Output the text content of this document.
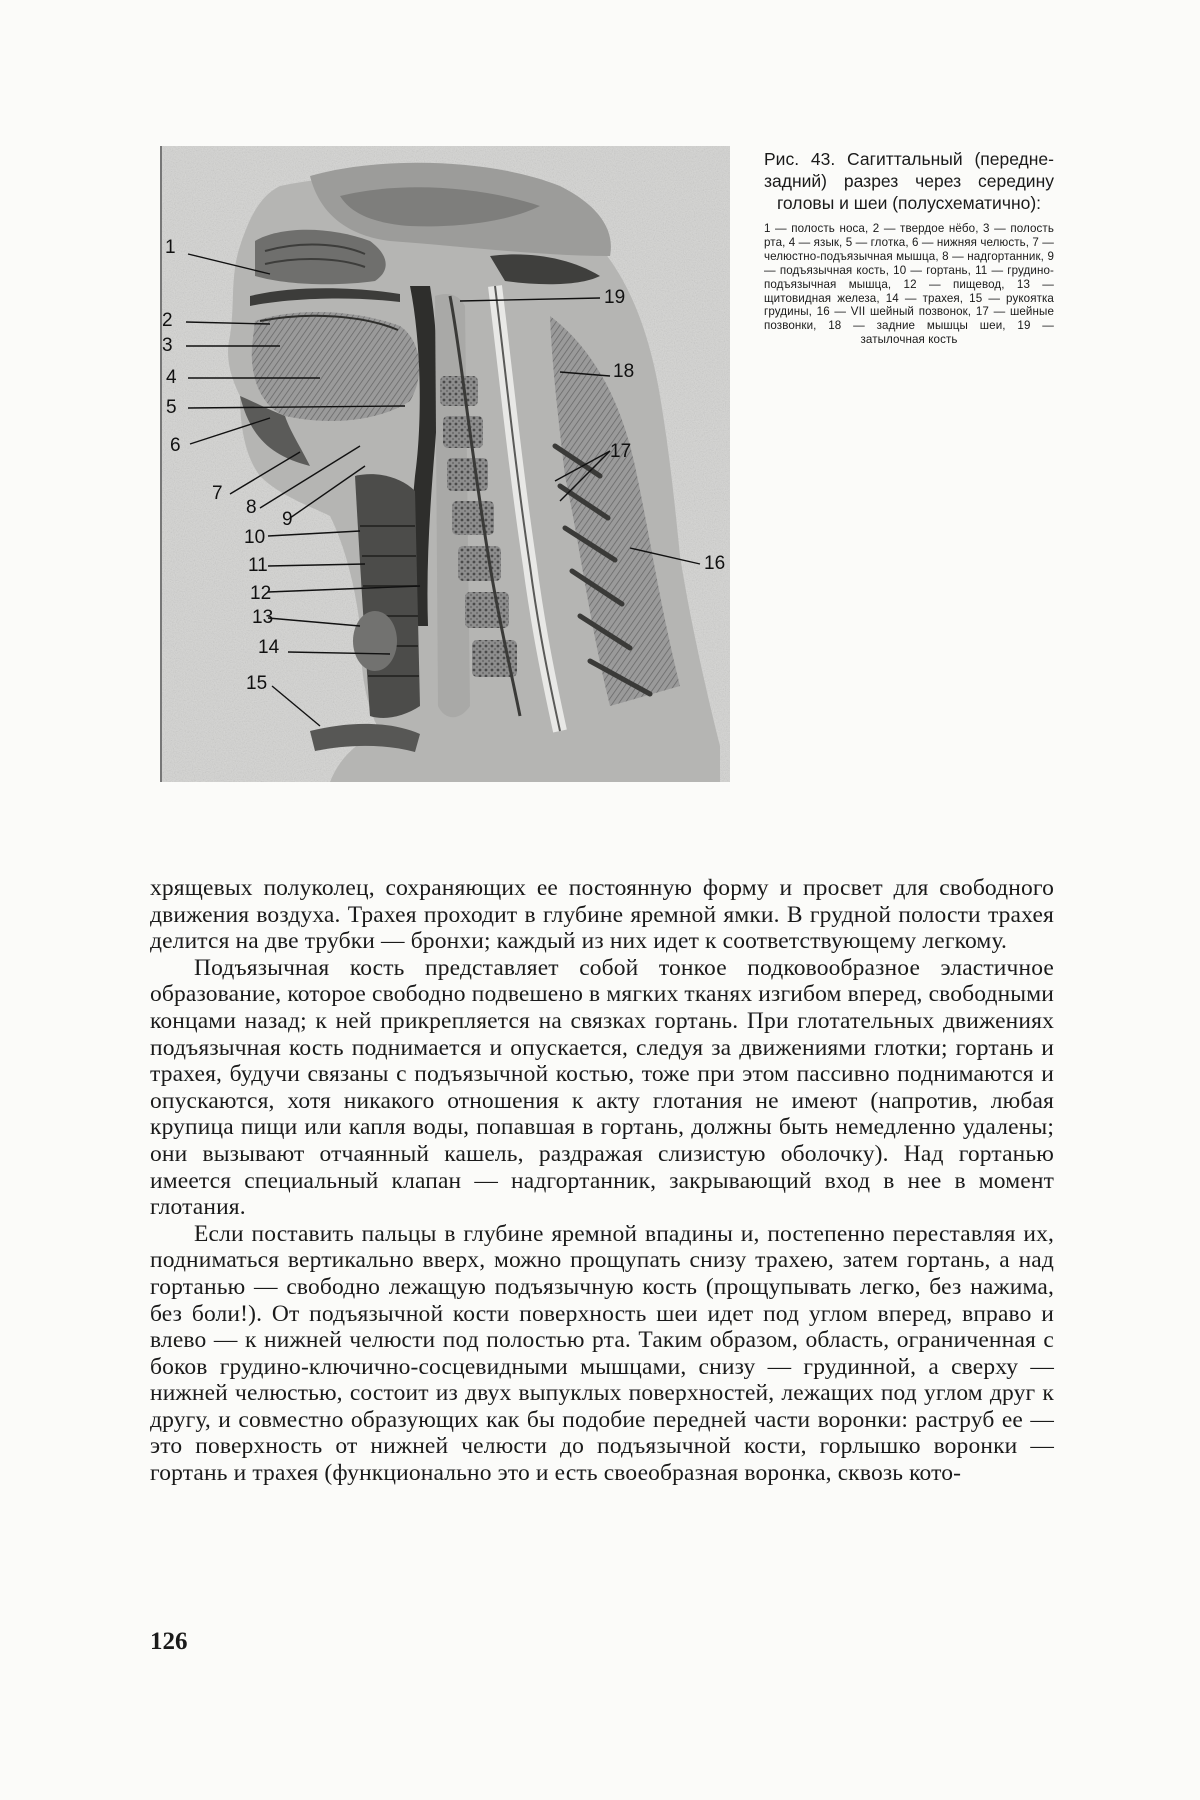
1
2
3
4
5
6
7
8
9
10
11
12
13
14
15
16
17
18
19

Рис. 43. Сагиттальный (передне-задний) разрез через середину головы и шеи (полусхематично):

1 — полость носа, 2 — твердое нёбо, 3 — полость рта, 4 — язык, 5 — глотка, 6 — нижняя челюсть, 7 — челюстно-подъязычная мышца, 8 — надгортанник, 9 — подъязычная кость, 10 — гортань, 11 — грудино-подъязычная мышца, 12 — пищевод, 13 — щитовидная железа, 14 — трахея, 15 — рукоятка грудины, 16 — VII шейный позвонок, 17 — шейные позвонки, 18 — задние мышцы шеи, 19 — затылочная кость

хрящевых полуколец, сохраняющих ее постоянную форму и просвет для свободного движения воздуха. Трахея проходит в глубине яремной ямки. В грудной полости трахея делится на две трубки — бронхи; каждый из них идет к соответствующему легкому.

Подъязычная кость представляет собой тонкое подковообразное эластичное образование, которое свободно подвешено в мягких тканях изгибом вперед, свободными концами назад; к ней прикрепляется на связках гортань. При глотательных движениях подъязычная кость поднимается и опускается, следуя за движениями глотки; гортань и трахея, будучи связаны с подъязычной костью, тоже при этом пассивно поднимаются и опускаются, хотя никакого отношения к акту глотания не имеют (напротив, любая крупица пищи или капля воды, попавшая в гортань, должны быть немедленно удалены; они вызывают отчаянный кашель, раздражая слизистую оболочку). Над гортанью имеется специальный клапан — надгортанник, закрывающий вход в нее в момент глотания.

Если поставить пальцы в глубине яремной впадины и, постепенно переставляя их, подниматься вертикально вверх, можно прощупать снизу трахею, затем гортань, а над гортанью — свободно лежащую подъязычную кость (прощупывать легко, без нажима, без боли!). От подъязычной кости поверхность шеи идет под углом вперед, вправо и влево — к нижней челюсти под полостью рта. Таким образом, область, ограниченная с боков грудино-ключично-сосцевидными мышцами, снизу — грудинной, а сверху — нижней челюстью, состоит из двух выпуклых поверхностей, лежащих под углом друг к другу, и совместно образующих как бы подобие передней части воронки: раструб ее — это поверхность от нижней челюсти до подъязычной кости, горлышко воронки — гортань и трахея (функционально это и есть своеобразная воронка, сквозь кото-

126
